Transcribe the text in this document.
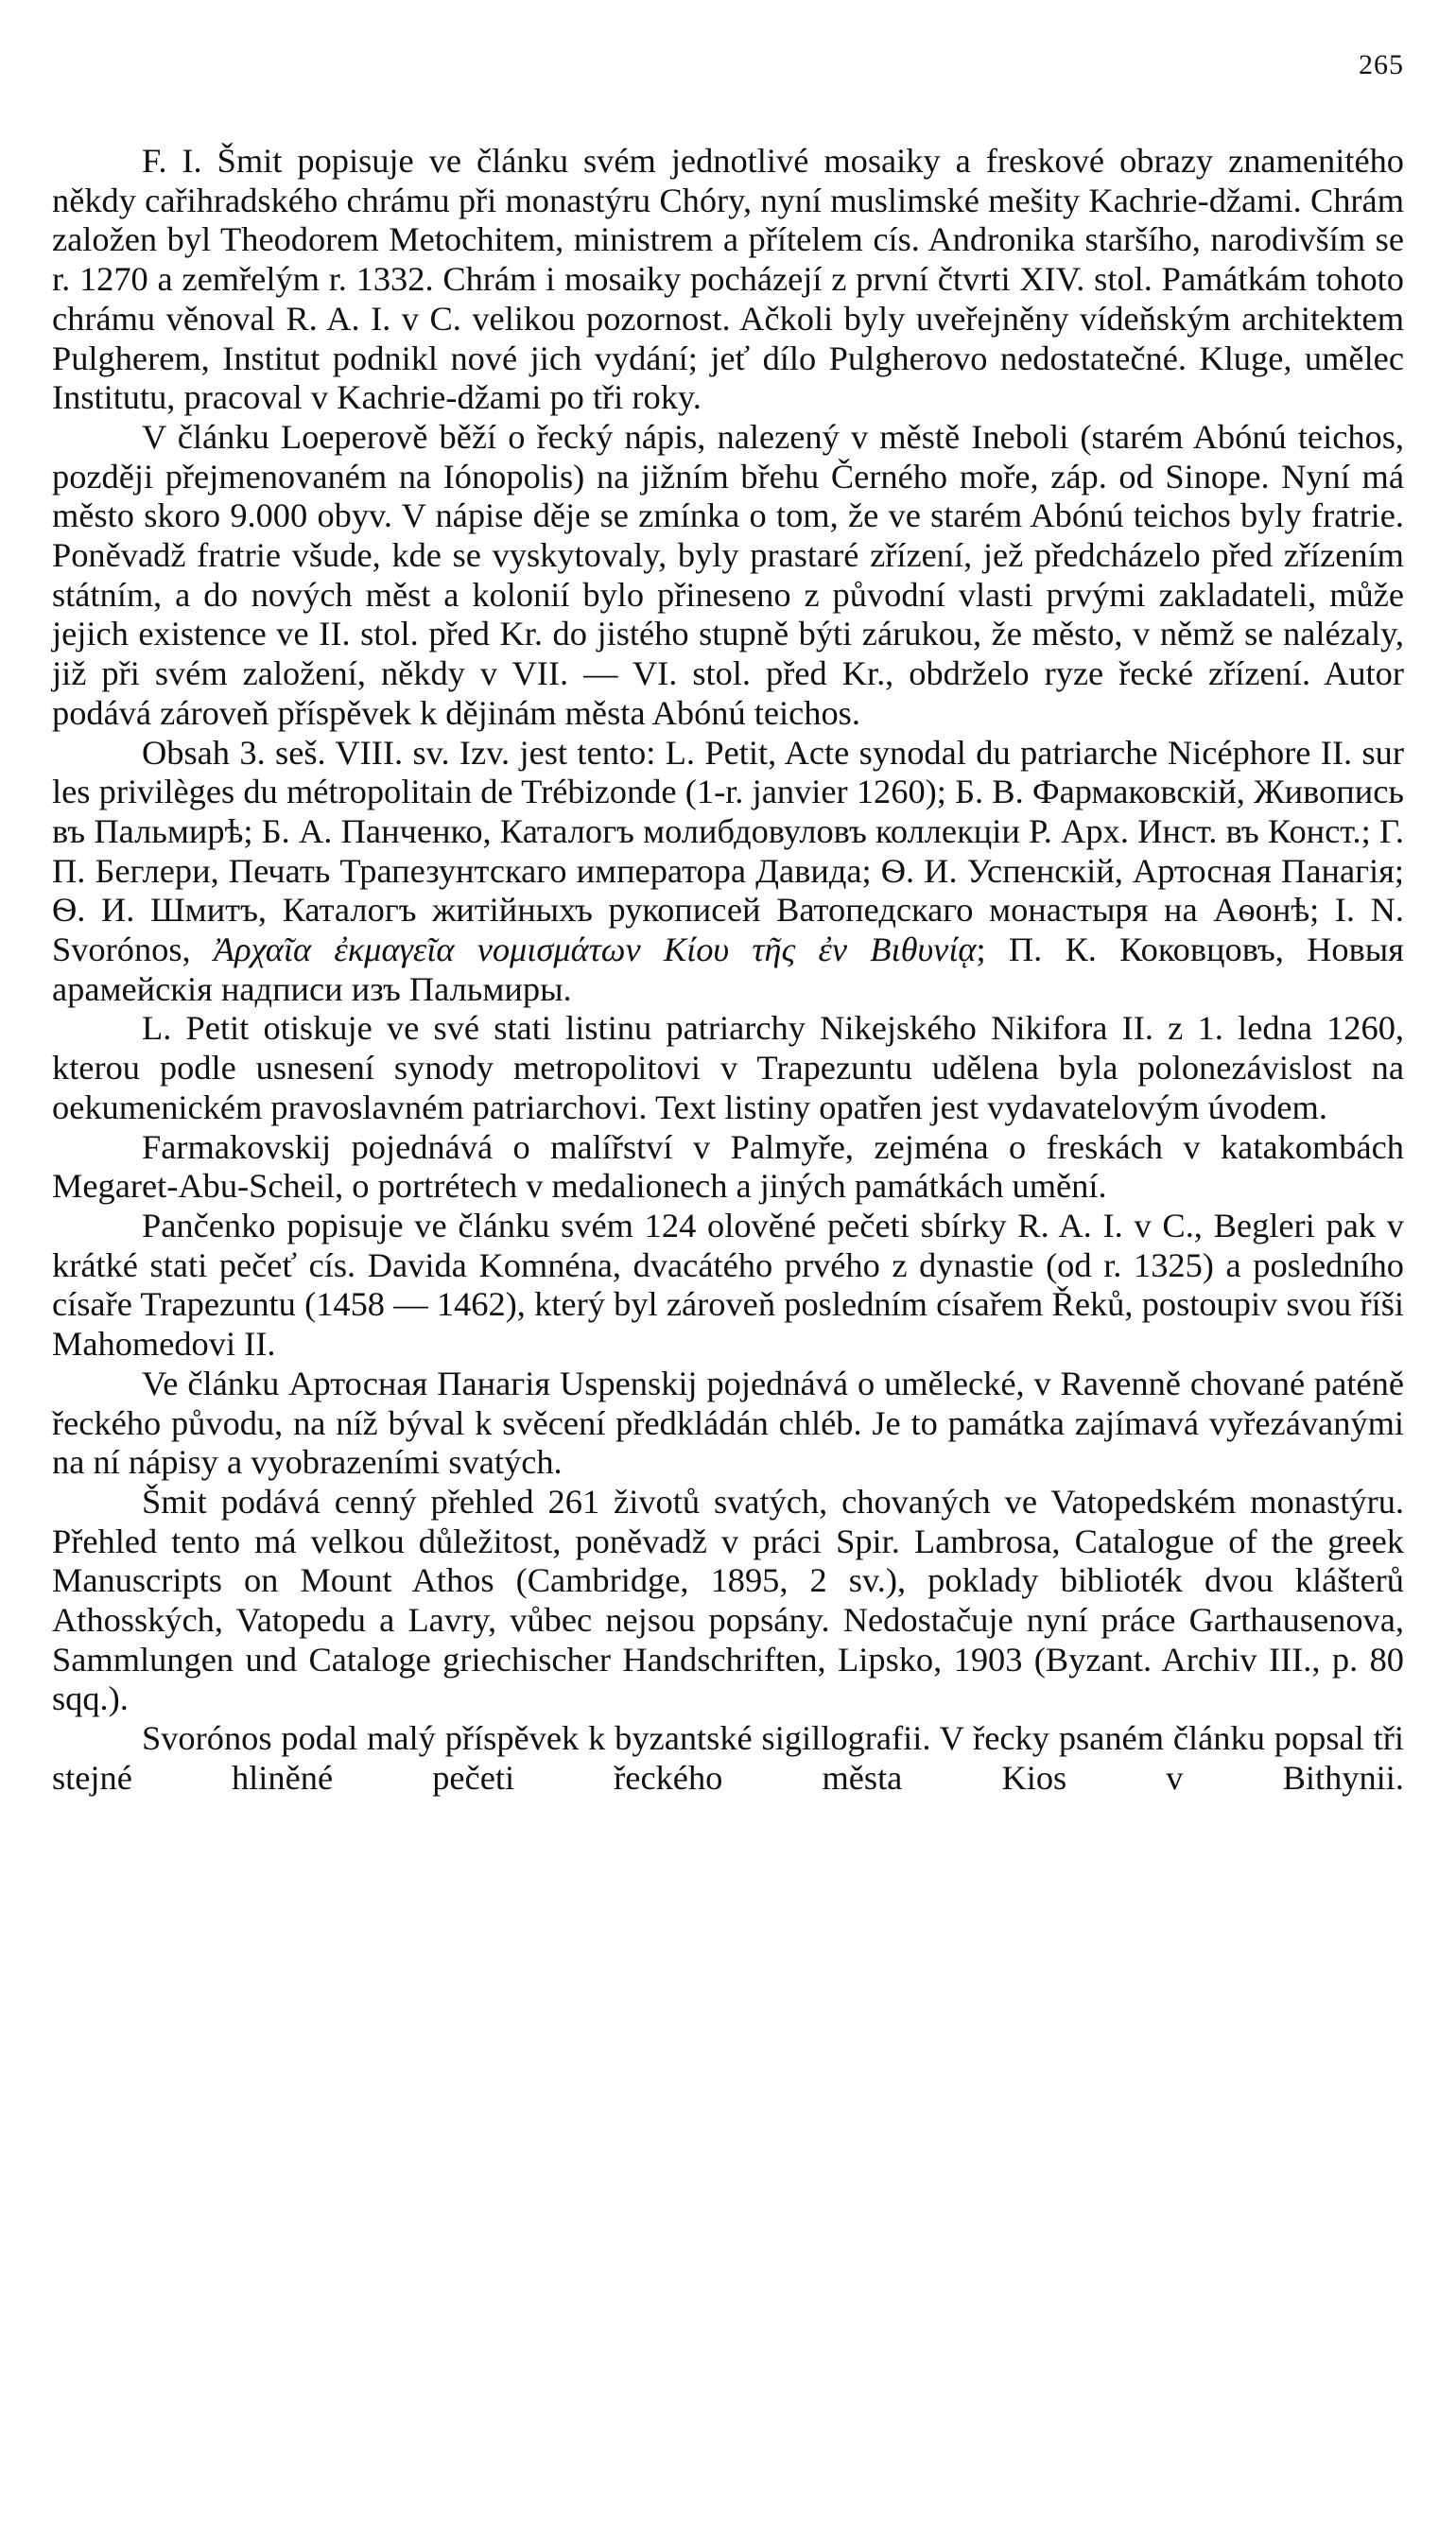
265

F. I. Šmit popisuje ve článku svém jednotlivé mosaiky a freskové obrazy znamenitého někdy cařihradského chrámu při monastýru Chóry, nyní muslimské mešity Kachrie-džami. Chrám založen byl Theodorem Metochitem, ministrem a přítelem cís. Andronika staršího, narodivším se r. 1270 a zemřelým r. 1332. Chrám i mosaiky pocházejí z první čtvrti XIV. stol. Památkám tohoto chrámu věnoval R. A. I. v C. velikou pozornost. Ačkoli byly uveřejněny vídeňským architektem Pulgherem, Institut podnikl nové jich vydání; jeť dílo Pulgherovo nedostatečné. Kluge, umělec Institutu, pracoval v Kachrie-džami po tři roky.

V článku Loeperově běží o řecký nápis, nalezený v městě Ineboli (starém Abónú teichos, později přejmenovaném na Iónopolis) na jižním břehu Černého moře, záp. od Sinope. Nyní má město skoro 9.000 obyv. V nápise děje se zmínka o tom, že ve starém Abónú teichos byly fratrie. Poněvadž fratrie všude, kde se vyskytovaly, byly prastaré zřízení, jež předcházelo před zřízením státním, a do nových měst a kolonií bylo přineseno z původní vlasti prvými zakladateli, může jejich existence ve II. stol. před Kr. do jistého stupně býti zárukou, že město, v němž se nalézaly, již při svém založení, někdy v VII. — VI. stol. před Kr., obdrželo ryze řecké zřízení. Autor podává zároveň příspěvek k dějinám města Abónú teichos.

Obsah 3. seš. VIII. sv. Izv. jest tento: L. Petit, Acte synodal du patriarche Nicéphore II. sur les privilèges du métropolitain de Trébizonde (1-r. janvier 1260); Б. В. Фармаковскій, Живопись въ Пальмирѣ; Б. А. Панченко, Каталогъ молибдовуловъ коллекціи Р. Арх. Инст. въ Конст.; Г. П. Беглери, Печать Трапезунтскаго императора Давида; Ѳ. И. Успенскій, Артосная Панагія; Ѳ. И. Шмитъ, Каталогъ житійныхъ рукописей Ватопедскаго монастыря на Аѳонѣ; I. N. Svorónos, Ἀρχαῖα ἐκμαγεῖα νομισμάτων Κίου τῆς ἐν Βιθυνίᾳ; П. К. Коковцовъ, Новыя арамейскія надписи изъ Пальмиры.

L. Petit otiskuje ve své stati listinu patriarchy Nikejského Nikifora II. z 1. ledna 1260, kterou podle usnesení synody metropolitovi v Trapezuntu udělena byla polonezávislost na oekumenickém pravoslavném patriarchovi. Text listiny opatřen jest vydavatelovým úvodem.

Farmakovskij pojednává o malířství v Palmyře, zejména o freskách v katakombách Megaret-Abu-Scheil, o portrétech v medalionech a jiných památkách umění.

Pančenko popisuje ve článku svém 124 olověné pečeti sbírky R. A. I. v C., Begleri pak v krátké stati pečeť cís. Davida Komnéna, dvacátého prvého z dynastie (od r. 1325) a posledního císaře Trapezuntu (1458 — 1462), který byl zároveň posledním císařem Řeků, postoupiv svou říši Mahomedovi II.

Ve článku Артосная Панагія Uspenskij pojednává o umělecké, v Ravenně chované paténě řeckého původu, na níž býval k svěcení předkládán chléb. Je to památka zajímavá vyřezávanými na ní nápisy a vyobrazeními svatých.

Šmit podává cenný přehled 261 životů svatých, chovaných ve Vatopedském monastýru. Přehled tento má velkou důležitost, poněvadž v práci Spir. Lambrosa, Catalogue of the greek Manuscripts on Mount Athos (Cambridge, 1895, 2 sv.), poklady biblioték dvou klášterů Athosských, Vatopedu a Lavry, vůbec nejsou popsány. Nedostačuje nyní práce Garthausenova, Sammlungen und Cataloge griechischer Handschriften, Lipsko, 1903 (Byzant. Archiv III., p. 80 sqq.).

Svorónos podal malý příspěvek k byzantské sigillografii. V řecky psaném článku popsal tři stejné hliněné pečeti řeckého města Kios v Bithynii.
